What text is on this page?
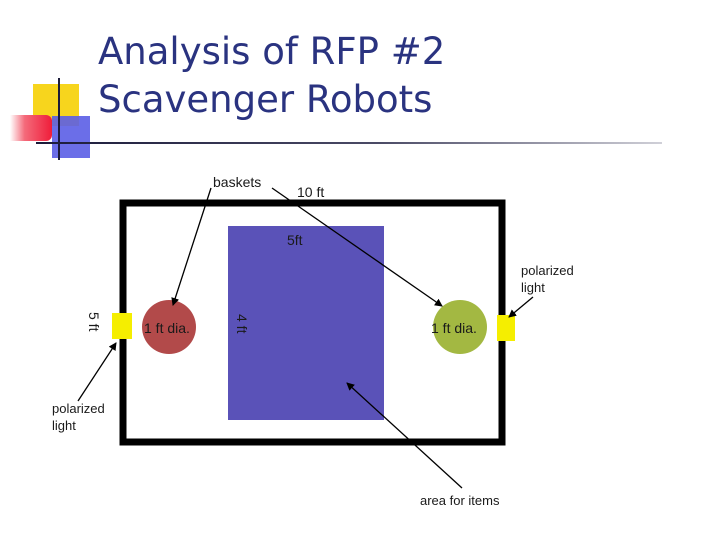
Analysis of RFP #2
Scavenger Robots
baskets
10 ft
5ft
4 ft
5 ft	1 ft dia.	1 ft dia.
polarized
light
polarized
light
area for items
